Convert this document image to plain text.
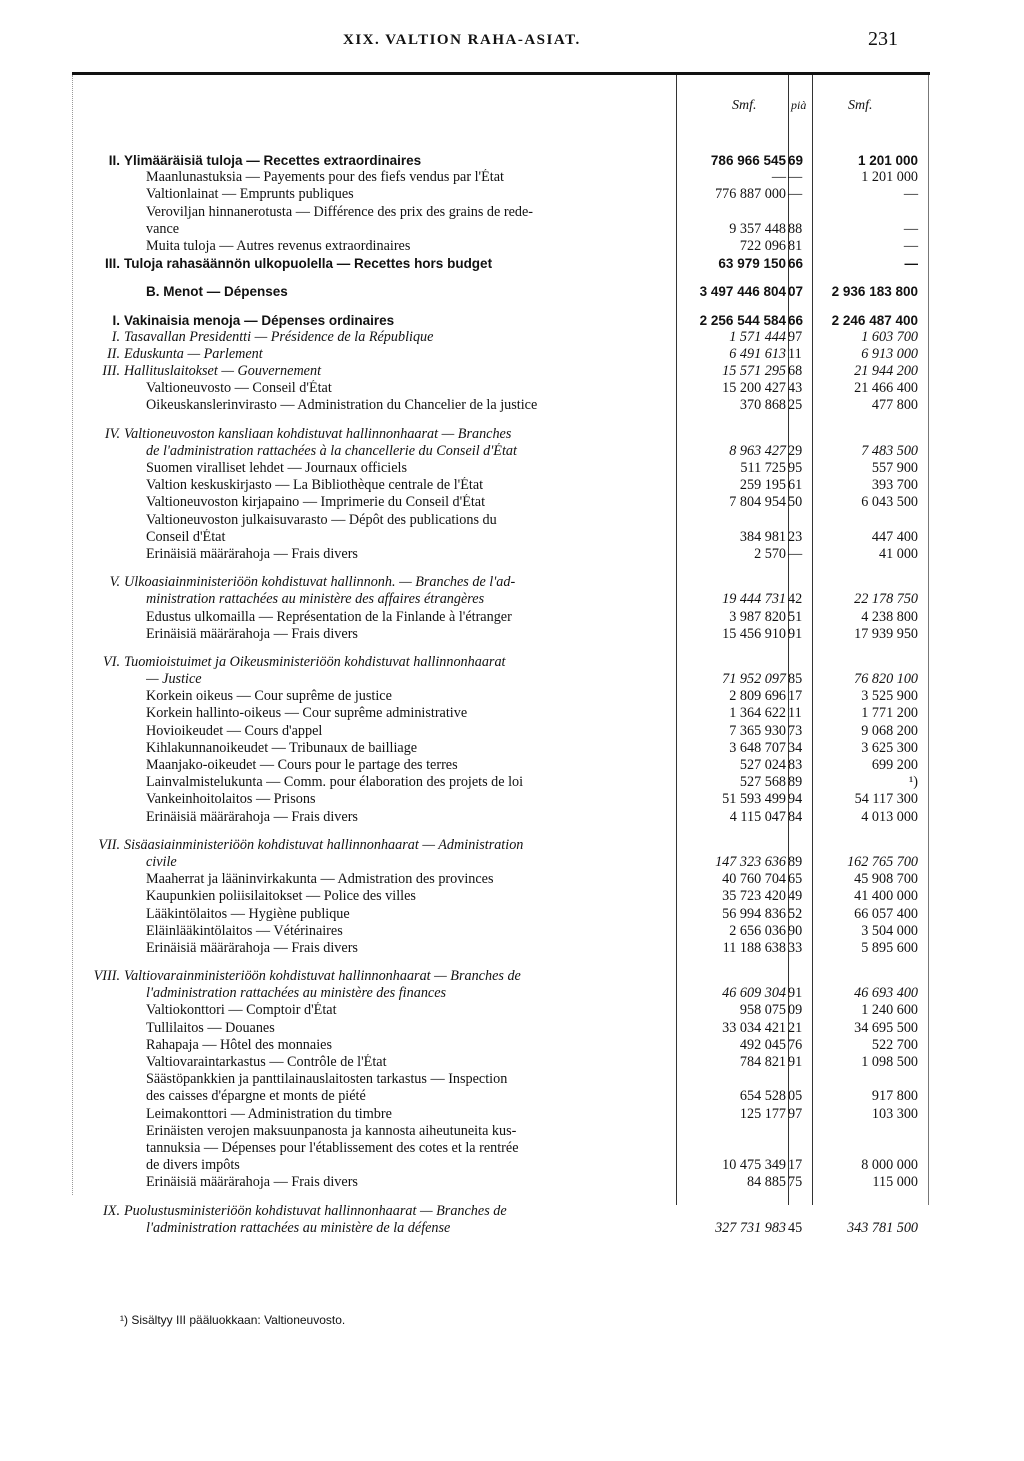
XIX. VALTION RAHA-ASIAT.	231
Smf.	pià	Smf.
II. Ylimääräisiä tuloja — Recettes extraordinaires	786 966 545 69	1 201 000
Maanlunastuksia — Payements pour des fiefs vendus par l'État	— —	1 201 000
Valtionlainat — Emprunts publiques	776 887 000 —	—
Veroviljan hinnanerotusta — Différence des prix des grains de rede-
vance	9 357 448 88	—
Muita tuloja — Autres revenus extraordinaires	722 096 81	—
III. Tuloja rahasäännön ulkopuolella — Recettes hors budget	63 979 150 66	—
B. Menot — Dépenses	3 497 446 804 07	2 936 183 800
I. Vakinaisia menoja — Dépenses ordinaires	2 256 544 584 66	2 246 487 400
I. Tasavallan Presidentti — Présidence de la République	1 571 444 97	1 603 700
II. Eduskunta — Parlement	6 491 613 11	6 913 000
III. Hallituslaitokset — Gouvernement	15 571 295 68	21 944 200
Valtioneuvosto — Conseil d'État	15 200 427 43	21 466 400
Oikeuskanslerinvirasto — Administration du Chancelier de la justice	370 868 25	477 800
IV. Valtioneuvoston kansliaan kohdistuvat hallinnonhaarat — Branches
de l'administration rattachées à la chancellerie du Conseil d'État	8 963 427 29	7 483 500
Suomen viralliset lehdet — Journaux officiels	511 725 95	557 900
Valtion keskuskirjasto — La Bibliothèque centrale de l'État	259 195 61	393 700
Valtioneuvoston kirjapaino — Imprimerie du Conseil d'État	7 804 954 50	6 043 500
Valtioneuvoston julkaisuvarasto — Dépôt des publications du
Conseil d'État	384 981 23	447 400
Erinäisiä määrärahoja — Frais divers	2 570 —	41 000
V. Ulkoasiainministeriöön kohdistuvat hallinnonh. — Branches de l'ad-
ministration rattachées au ministère des affaires étrangères	19 444 731 42	22 178 750
Edustus ulkomailla — Représentation de la Finlande à l'étranger	3 987 820 51	4 238 800
Erinäisiä määrärahoja — Frais divers	15 456 910 91	17 939 950
VI. Tuomioistuimet ja Oikeusministeriöön kohdistuvat hallinnonhaarat
— Justice	71 952 097 85	76 820 100
Korkein oikeus — Cour suprême de justice	2 809 696 17	3 525 900
Korkein hallinto-oikeus — Cour suprême administrative	1 364 622 11	1 771 200
Hovioikeudet — Cours d'appel	7 365 930 73	9 068 200
Kihlakunnanoikeudet — Tribunaux de bailliage	3 648 707 34	3 625 300
Maanjako-oikeudet — Cours pour le partage des terres	527 024 83	699 200
Lainvalmistelukunta — Comm. pour élaboration des projets de loi	527 568 89	¹)
Vankeinhoitolaitos — Prisons	51 593 499 94	54 117 300
Erinäisiä määrärahoja — Frais divers	4 115 047 84	4 013 000
VII. Sisäasiainministeriöön kohdistuvat hallinnonhaarat — Administration
civile	147 323 636 89	162 765 700
Maaherrat ja lääninvirkakunta — Admistration des provinces	40 760 704 65	45 908 700
Kaupunkien poliisilaitokset — Police des villes	35 723 420 49	41 400 000
Lääkintölaitos — Hygiène publique	56 994 836 52	66 057 400
Eläinlääkintölaitos — Vétérinaires	2 656 036 90	3 504 000
Erinäisiä määrärahoja — Frais divers	11 188 638 33	5 895 600
VIII. Valtiovarainministeriöön kohdistuvat hallinnonhaarat — Branches de
l'administration rattachées au ministère des finances	46 609 304 91	46 693 400
Valtiokonttori — Comptoir d'État	958 075 09	1 240 600
Tullilaitos — Douanes	33 034 421 21	34 695 500
Rahapaja — Hôtel des monnaies	492 045 76	522 700
Valtiovaraintarkastus — Contrôle de l'État	784 821 91	1 098 500
Säästöpankkien ja panttilainauslaitosten tarkastus — Inspection
des caisses d'épargne et monts de piété	654 528 05	917 800
Leimakonttori — Administration du timbre	125 177 97	103 300
Erinäisten verojen maksuunpanosta ja kannosta aiheutuneita kus-
tannuksia — Dépenses pour l'établissement des cotes et la rentrée
de divers impôts	10 475 349 17	8 000 000
Erinäisiä määrärahoja — Frais divers	84 885 75	115 000
IX. Puolustusministeriöön kohdistuvat hallinnonhaarat — Branches de
l'administration rattachées au ministère de la défense	327 731 983 45	343 781 500
¹) Sisältyy III pääluokkaan: Valtioneuvosto.
